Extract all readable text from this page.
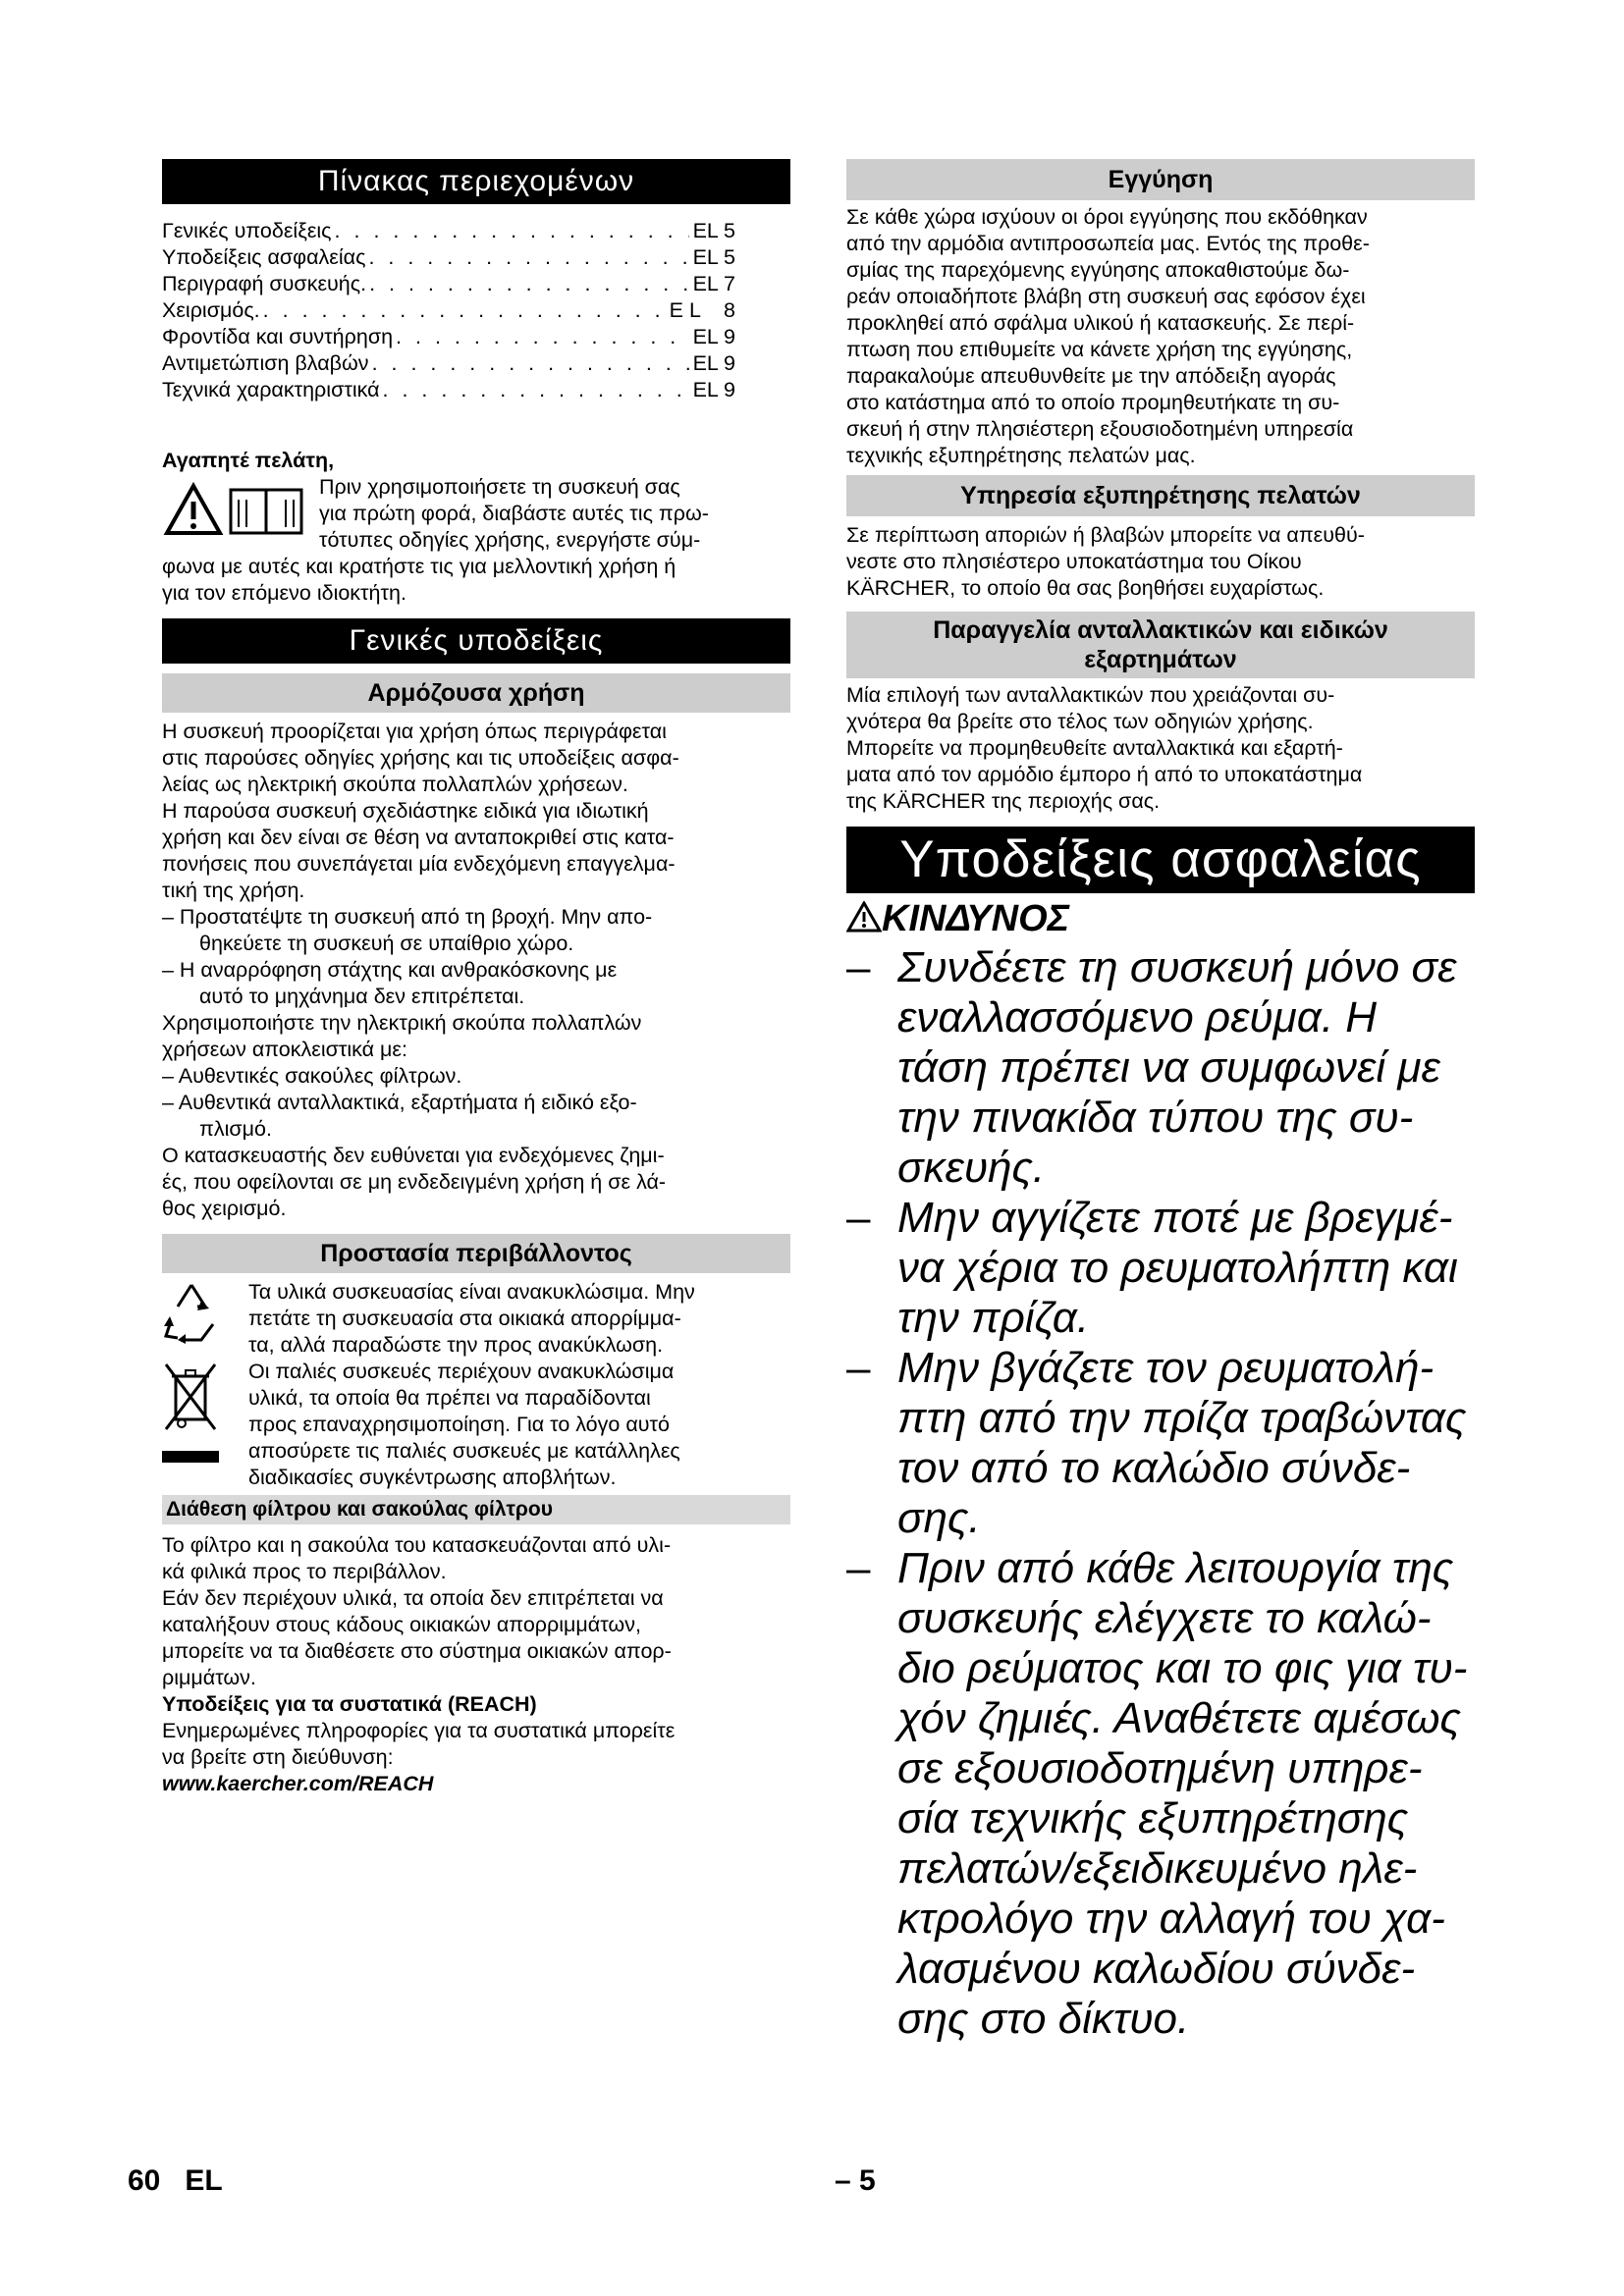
Πίνακας περιεχομένων
Γενικές υποδείξεις . . .	EL 5
Υποδείξεις ασφαλείας . . .	EL 5
Περιγραφή συσκευής. . . .	EL 7
Χειρισμός. . . .	E L    8
Φροντίδα και συντήρηση . . .	EL 9
Αντιμετώπιση βλαβών . . .	EL 9
Τεχνικά χαρακτηριστικά . . .	EL 9

Αγαπητέ πελάτη,

Πριν χρησιμοποιήσετε τη συσκευή σας

για πρώτη φορά, διαβάστε αυτές τις πρω-

τότυπες οδηγίες χρήσης, ενεργήστε σύμ-

φωνα με αυτές και κρατήστε τις για μελλοντική χρήση ή

για τον επόμενο ιδιοκτήτη.

Γενικές υποδείξεις
Αρμόζουσα χρήση

Η συσκευή προορίζεται για χρήση όπως περιγράφεται

στις παρούσες οδηγίες χρήσης και τις υποδείξεις ασφα-

λείας ως ηλεκτρική σκούπα πολλαπλών χρήσεων.

Η παρούσα συσκευή σχεδιάστηκε ειδικά για ιδιωτική

χρήση και δεν είναι σε θέση να ανταποκριθεί στις κατα-

πονήσεις που συνεπάγεται μία ενδεχόμενη επαγγελμα-

τική της χρήση.

– Προστατέψτε τη συσκευή από τη βροχή. Μην απο-

θηκεύετε τη συσκευή σε υπαίθριο χώρο.

– Η αναρρόφηση στάχτης και ανθρακόσκονης με

αυτό το μηχάνημα δεν επιτρέπεται.

Χρησιμοποιήστε την ηλεκτρική σκούπα πολλαπλών

χρήσεων αποκλειστικά με:

– Αυθεντικές σακούλες φίλτρων.

– Αυθεντικά ανταλλακτικά, εξαρτήματα ή ειδικό εξο-

πλισμό.

Ο κατασκευαστής δεν ευθύνεται για ενδεχόμενες ζημι-

ές, που οφείλονται σε μη ενδεδειγμένη χρήση ή σε λά-

θος χειρισμό.

Προστασία περιβάλλοντος

Τα υλικά συσκευασίας είναι ανακυκλώσιμα. Μην

πετάτε τη συσκευασία στα οικιακά απορρίμμα-

τα, αλλά παραδώστε την προς ανακύκλωση.

Οι παλιές συσκευές περιέχουν ανακυκλώσιμα

υλικά, τα οποία θα πρέπει να παραδίδονται

προς επαναχρησιμοποίηση. Για το λόγο αυτό

αποσύρετε τις παλιές συσκευές με κατάλληλες

διαδικασίες συγκέντρωσης αποβλήτων.

Διάθεση φίλτρου και σακούλας φίλτρου

Το φίλτρο και η σακούλα του κατασκευάζονται από υλι-

κά φιλικά προς το περιβάλλον.

Εάν δεν περιέχουν υλικά, τα οποία δεν επιτρέπεται να

καταλήξουν στους κάδους οικιακών απορριμμάτων,

μπορείτε να τα διαθέσετε στο σύστημα οικιακών απορ-

ριμμάτων.

Υποδείξεις για τα συστατικά (REACH)

Ενημερωμένες πληροφορίες για τα συστατικά μπορείτε

να βρείτε στη διεύθυνση:

www.kaercher.com/REACH

Εγγύηση

Σε κάθε χώρα ισχύουν οι όροι εγγύησης που εκδόθηκαν

από την αρμόδια αντιπροσωπεία μας. Εντός της προθε-

σμίας της παρεχόμενης εγγύησης αποκαθιστούμε δω-

ρεάν οποιαδήποτε βλάβη στη συσκευή σας εφόσον έχει

προκληθεί από σφάλμα υλικού ή κατασκευής. Σε περί-

πτωση που επιθυμείτε να κάνετε χρήση της εγγύησης,

παρακαλούμε απευθυνθείτε με την απόδειξη αγοράς

στο κατάστημα από το οποίο προμηθευτήκατε τη συ-

σκευή ή στην πλησιέστερη εξουσιοδοτημένη υπηρεσία

τεχνικής εξυπηρέτησης πελατών μας.

Υπηρεσία εξυπηρέτησης πελατών

Σε περίπτωση αποριών ή βλαβών μπορείτε να απευθύ-

νεστε στο πλησιέστερο υποκατάστημα του Οίκου

KÄRCHER, το οποίο θα σας βοηθήσει ευχαρίστως.

Παραγγελία ανταλλακτικών και ειδικών
εξαρτημάτων

Μία επιλογή των ανταλλακτικών που χρειάζονται συ-

χνότερα θα βρείτε στο τέλος των οδηγιών χρήσης.

Μπορείτε να προμηθευθείτε ανταλλακτικά και εξαρτή-

ματα από τον αρμόδιο έμπορο ή από το υποκατάστημα

της KÄRCHER της περιοχής σας.

Υποδείξεις ασφαλείας
KΙΝΔΥΝΟΣ
– Συνδέετε τη συσκευή μόνο σε
εναλλασσόμενο ρεύμα. Η
τάση πρέπει να συμφωνεί με
την πινακίδα τύπου της συ-
σκευής.
– Μην αγγίζετε ποτέ με βρεγμέ-
να χέρια το ρευματολήπτη και
την πρίζα.
– Μην βγάζετε τον ρευματολή-
πτη από την πρίζα τραβώντας
τον από το καλώδιο σύνδε-
σης.
– Πριν από κάθε λειτουργία της
συσκευής ελέγχετε το καλώ-
διο ρεύματος και το φις για τυ-
χόν ζημιές. Αναθέτετε αμέσως
σε εξουσιοδοτημένη υπηρε-
σία τεχνικής εξυπηρέτησης
πελατών/εξειδικευμένο ηλε-
κτρολόγο την αλλαγή του χα-
λασμένου καλωδίου σύνδε-
σης στο δίκτυο.
60   EL	– 5
